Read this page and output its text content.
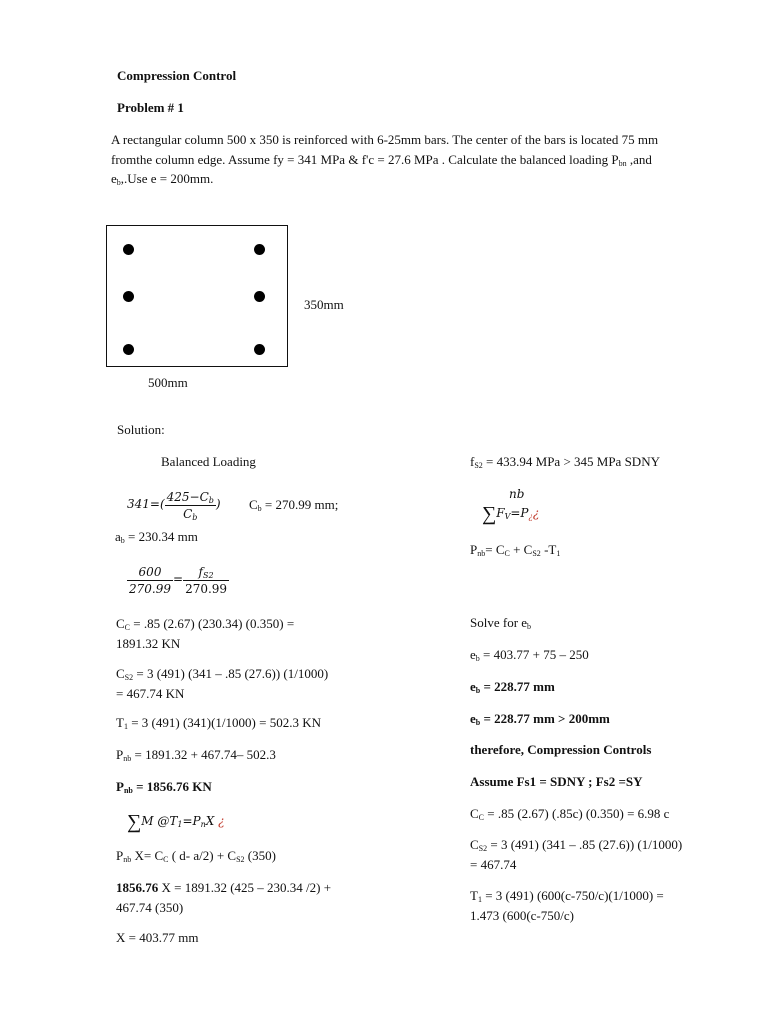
Compression Control
Problem # 1
A rectangular column 500 x 350 is reinforced with 6-25mm bars. The center of the bars is located 75 mm
fromthe column edge. Assume fy = 341 MPa & f'c = 27.6 MPa . Calculate the balanced loading $P_{bn}$ ,and
$e_b,.Use$ e = 200mm.
350mm
500mm
Solution:
Balanced Loading
$341=( \frac{425-C_b}{C_b}$ ) $C_b = 270.99$ mm;
$a_b = 230.34$ mm
$\frac{600}{270.99} = \frac{f_{S2}}{270.99}$
$C_C = .85$ (2.67) (230.34) (0.350) =
1891.32 KN
$C_{S2} = 3$ (491) (341 – .85 (27.6)) (1/1000)
= 467.74 KN
$T_1 = 3$ (491) (341)(1/1000) = 502.3 KN
$P_{nb} = 1891.32 + 467.74-$ 502.3
$P_{nb} = 1856.76$ KN
∑M $@T_1=P_nX$ ¿
$P_{nb}$ $X= C_C$ ( d- $a/2) + C_{S2}$ (350)
1856.76 X = 1891.32 (425 – 230.34 /2) +
467.74 (350)
X = 403.77 mm
$f_{S2} = 433.94$ MPa > 345 MPa SDNY
nb
$\sum F_V=P_¿¿$
$P_{nb}= C_C + C_{S2}$ $-T_1$
Solve for $e_b$
$e_b = 403.77 + 75 - 250$
$e_b = 228.77$ mm
$e_b = 228.77$ mm > 200mm
therefore, Compression Controls
Assume Fs1 = SDNY ; Fs2 =SY
$C_C = .85$ (2.67) (.85c) (0.350) = 6.98 c
$C_{S2} = 3$ (491) (341 – .85 (27.6)) (1/1000)
= 467.74
$T_1 = 3$ (491) (600(c-750/c)(1/1000) =
1.473 (600(c-750/c)
